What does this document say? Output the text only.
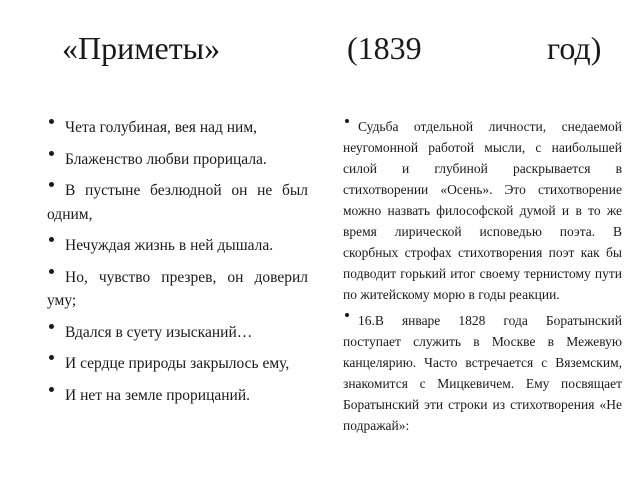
«Приметы»	(1839	год)
Чета голубиная, вея над ним,
Блаженство любви прорицала.
В пустыне безлюдной он не был одним,
Нечуждая жизнь в ней дышала.
Но, чувство презрев, он доверил уму;
Вдался в суету изысканий…
И сердце природы закрылось ему,
И нет на земле прорицаний.
Судьба отдельной личности, снедаемой неугомонной работой мысли, с наибольшей силой и глубиной раскрывается в стихотворении «Осень». Это стихотворение можно назвать философской думой и в то же время лирической исповедью поэта. В скорбных строфах стихотворения поэт как бы подводит горький итог своему тернистому пути по житейскому морю в годы реакции.
16.В январе 1828 года Боратынский поступает служить в Москве в Межевую канцелярию. Часто встречается с Вяземским, знакомится с Мицкевичем. Ему посвящает Боратынский эти строки из стихотворения «Не подражай»:
